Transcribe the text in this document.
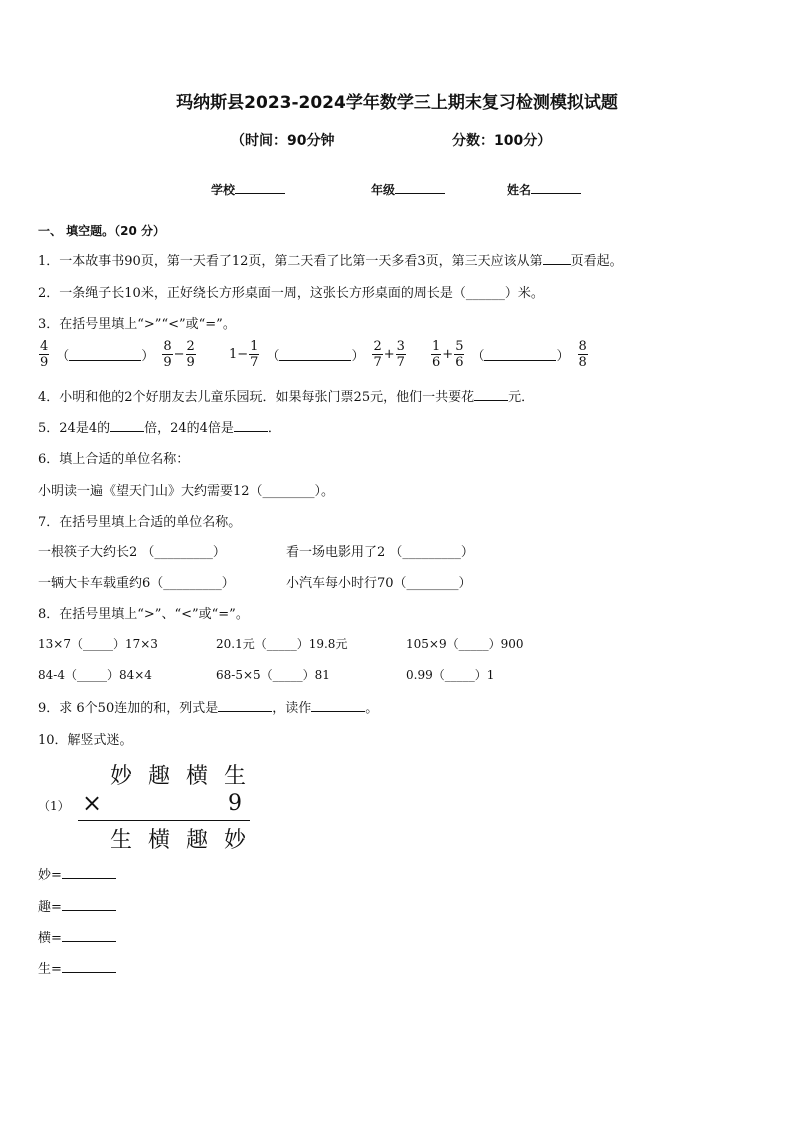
玛纳斯县2023-2024学年数学三上期末复习检测模拟试题
（时间：90分钟	分数：100分）
学校	年级	姓名
一、 填空题。（20 分）
1．一本故事书90页，第一天看了12页，第二天看了比第一天多看3页，第三天应该从第 页看起。
2．一条绳子长10米，正好绕长方形桌面一周，这张长方形桌面的周长是（______）米。
3．在括号里填上“>”“<”或“=”。
$\frac{4}{9}$ （	） $\frac{8}{9} - \frac{2}{9}$	$1- \frac{1}{7}$ （	） $\frac{2}{7} + \frac{3}{7} \frac{1}{6} + \frac{5}{6}$ （	） $\frac{8}{8}$
4．小明和他的2个好朋友去儿童乐园玩．如果每张门票25元，他们一共要花	元．
5．24是4的	倍，24的4倍是	．
6．填上合适的单位名称：
小明读一遍《望天门山》大约需要12（________）。
7．在括号里填上合适的单位名称。
一根筷子大约长2 （_________）	看一场电影用了2 （_________）
一辆大卡车载重约6（_________）	小汽车每小时行70（________）
8．在括号里填上“>”、“<”或“=”。
13×7（_____）17×3	20.1元（_____）19.8元	105×9（_____）900
84-4（_____）84×4	68-5×5（_____）81	0.99（_____）1
9．求 6个50连加的和，列式是	，读作	。
10．解竖式迷。
妙 趣 横 生
（1） ×	9
生 横 趣 妙
妙=
趣=
横=
生=
